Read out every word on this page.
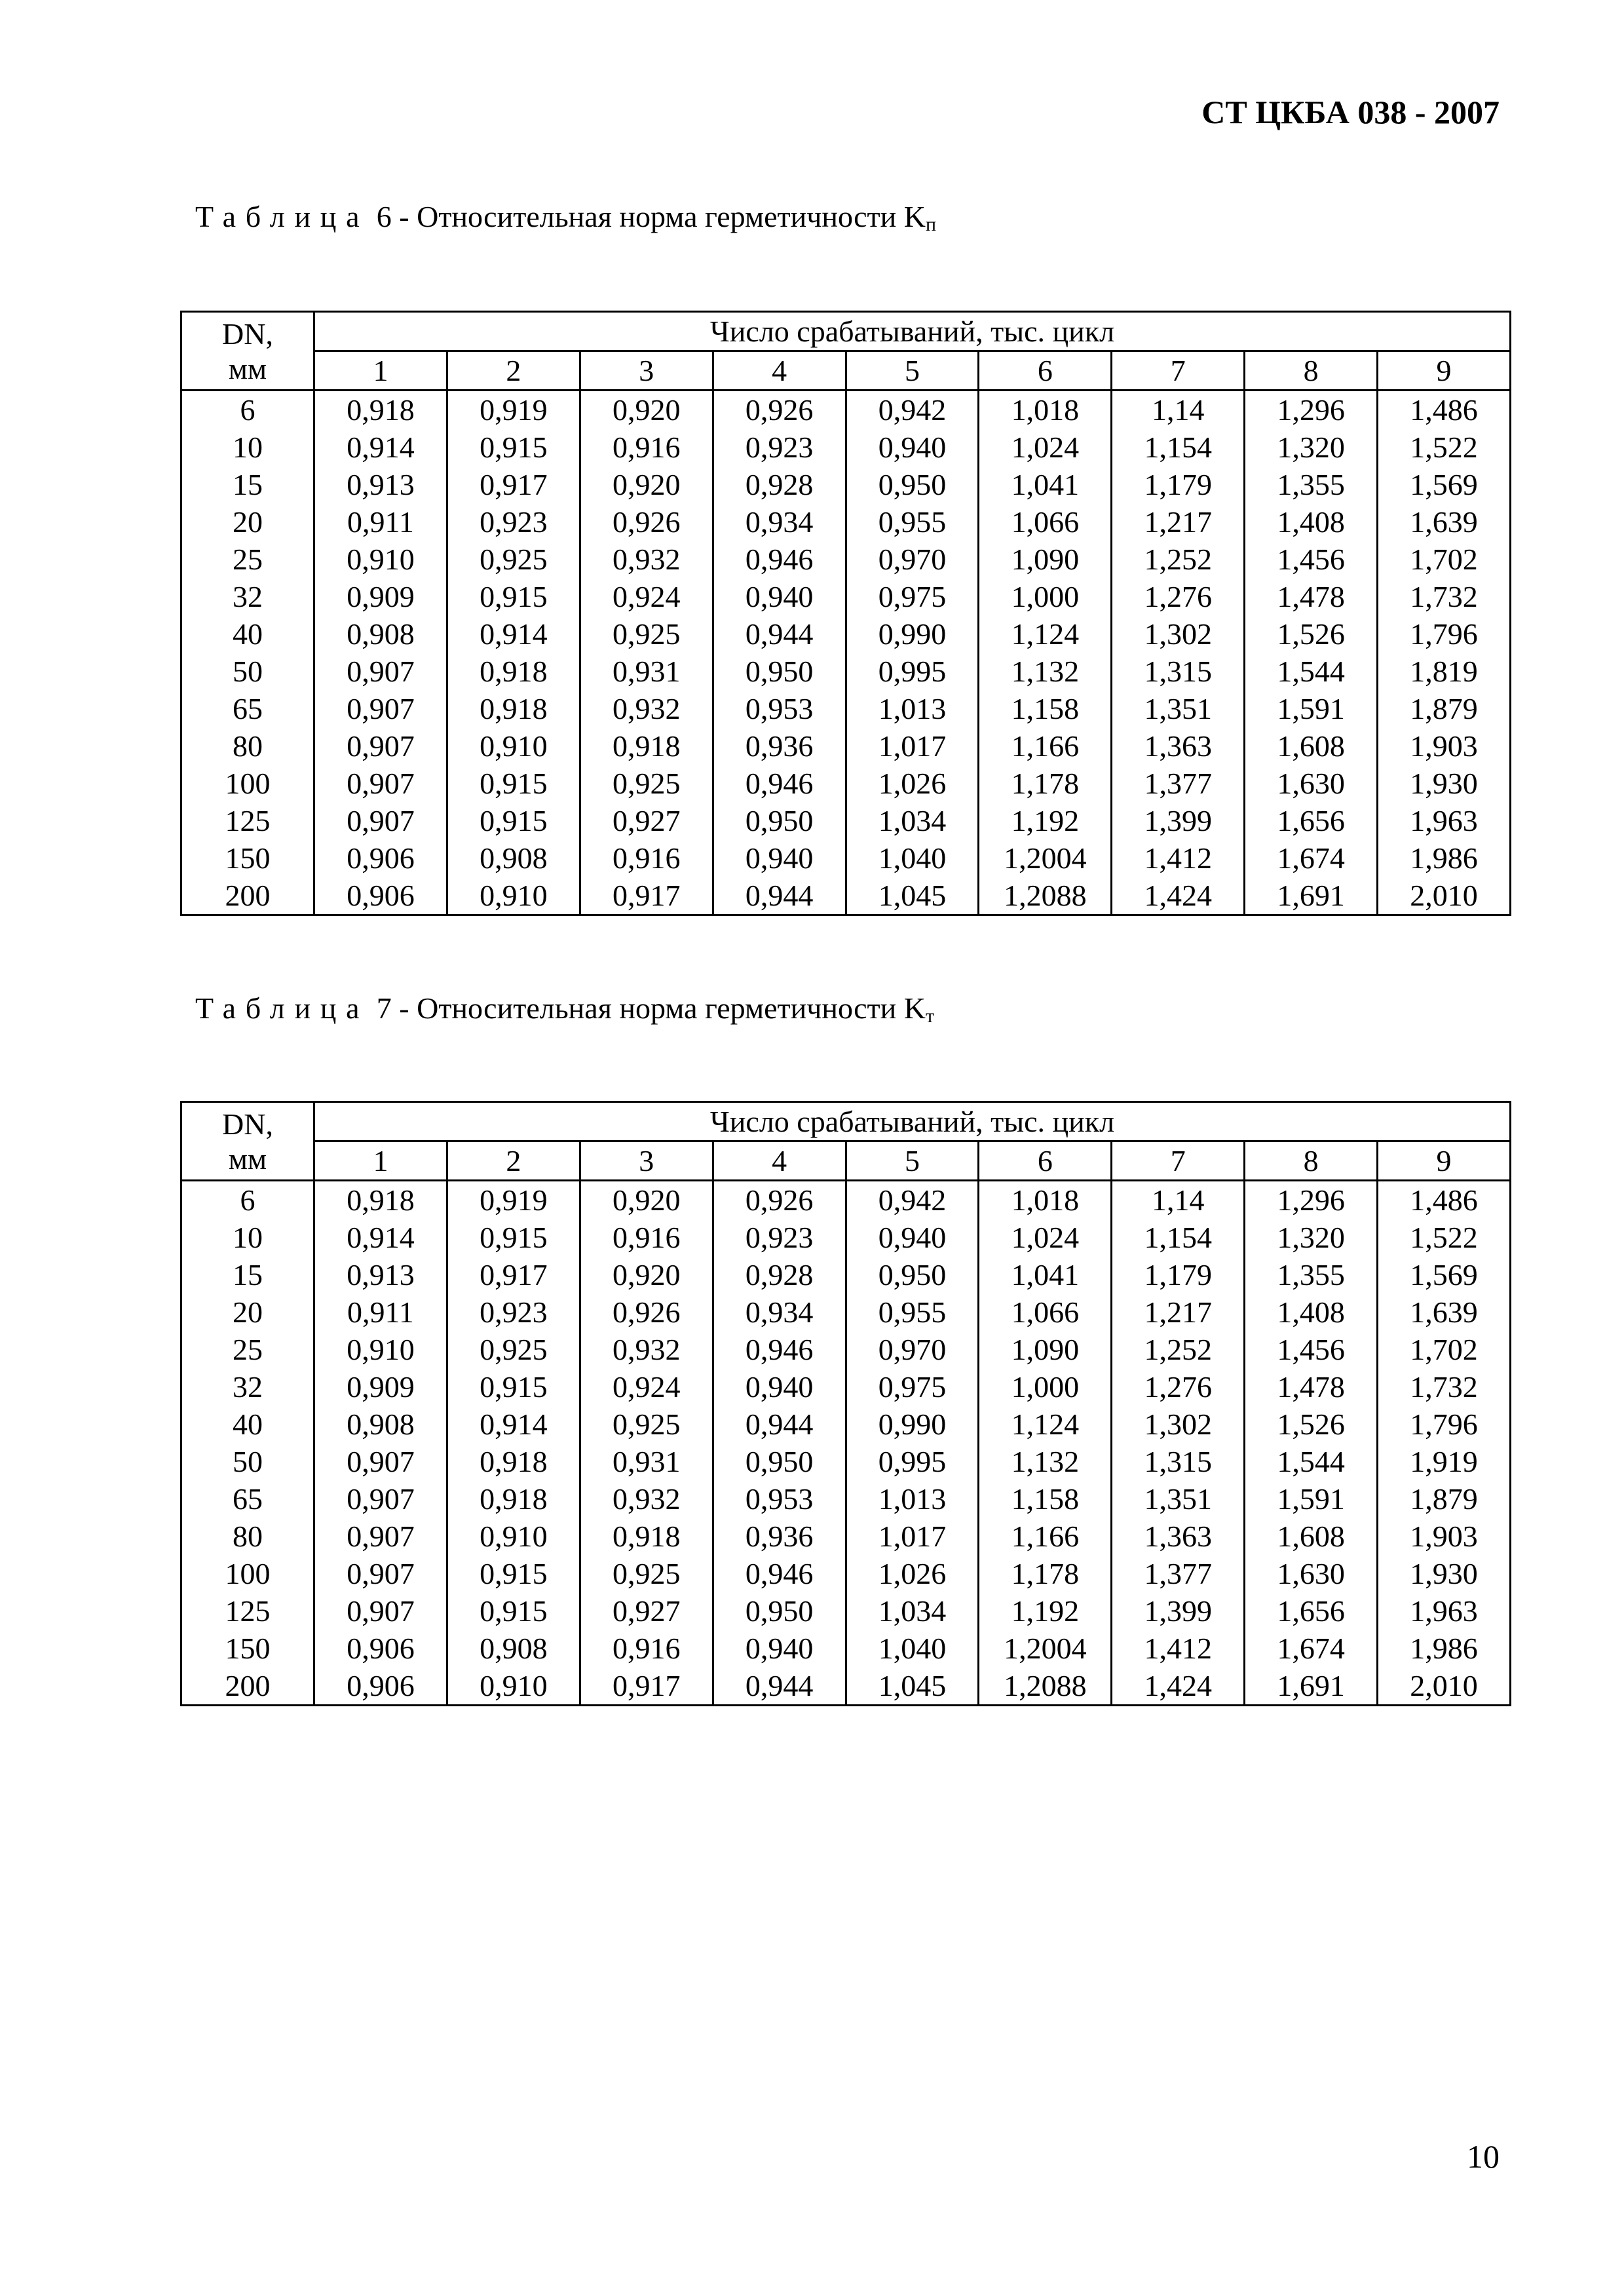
СТ ЦКБА 038 - 2007
Таблица 6 - Относительная норма герметичности $K_п$
DN,	Число срабатываний, тыс. цикл								
мм	1	2	3	4	5	6	7	8	9
6	0,918	0,919	0,920	0,926	0,942	1,018	1,14	1,296	1,486
10	0,914	0,915	0,916	0,923	0,940	1,024	1,154	1,320	1,522
15	0,913	0,917	0,920	0,928	0,950	1,041	1,179	1,355	1,569
20	0,911	0,923	0,926	0,934	0,955	1,066	1,217	1,408	1,639
25	0,910	0,925	0,932	0,946	0,970	1,090	1,252	1,456	1,702
32	0,909	0,915	0,924	0,940	0,975	1,000	1,276	1,478	1,732
40	0,908	0,914	0,925	0,944	0,990	1,124	1,302	1,526	1,796
50	0,907	0,918	0,931	0,950	0,995	1,132	1,315	1,544	1,819
65	0,907	0,918	0,932	0,953	1,013	1,158	1,351	1,591	1,879
80	0,907	0,910	0,918	0,936	1,017	1,166	1,363	1,608	1,903
100	0,907	0,915	0,925	0,946	1,026	1,178	1,377	1,630	1,930
125	0,907	0,915	0,927	0,950	1,034	1,192	1,399	1,656	1,963
150	0,906	0,908	0,916	0,940	1,040	1,2004	1,412	1,674	1,986
200	0,906	0,910	0,917	0,944	1,045	1,2088	1,424	1,691	2,010
Таблица 7 - Относительная норма герметичности $K_т$
DN,	Число срабатываний, тыс. цикл								
мм	1	2	3	4	5	6	7	8	9
6	0,918	0,919	0,920	0,926	0,942	1,018	1,14	1,296	1,486
10	0,914	0,915	0,916	0,923	0,940	1,024	1,154	1,320	1,522
15	0,913	0,917	0,920	0,928	0,950	1,041	1,179	1,355	1,569
20	0,911	0,923	0,926	0,934	0,955	1,066	1,217	1,408	1,639
25	0,910	0,925	0,932	0,946	0,970	1,090	1,252	1,456	1,702
32	0,909	0,915	0,924	0,940	0,975	1,000	1,276	1,478	1,732
40	0,908	0,914	0,925	0,944	0,990	1,124	1,302	1,526	1,796
50	0,907	0,918	0,931	0,950	0,995	1,132	1,315	1,544	1,919
65	0,907	0,918	0,932	0,953	1,013	1,158	1,351	1,591	1,879
80	0,907	0,910	0,918	0,936	1,017	1,166	1,363	1,608	1,903
100	0,907	0,915	0,925	0,946	1,026	1,178	1,377	1,630	1,930
125	0,907	0,915	0,927	0,950	1,034	1,192	1,399	1,656	1,963
150	0,906	0,908	0,916	0,940	1,040	1,2004	1,412	1,674	1,986
200	0,906	0,910	0,917	0,944	1,045	1,2088	1,424	1,691	2,010
10
